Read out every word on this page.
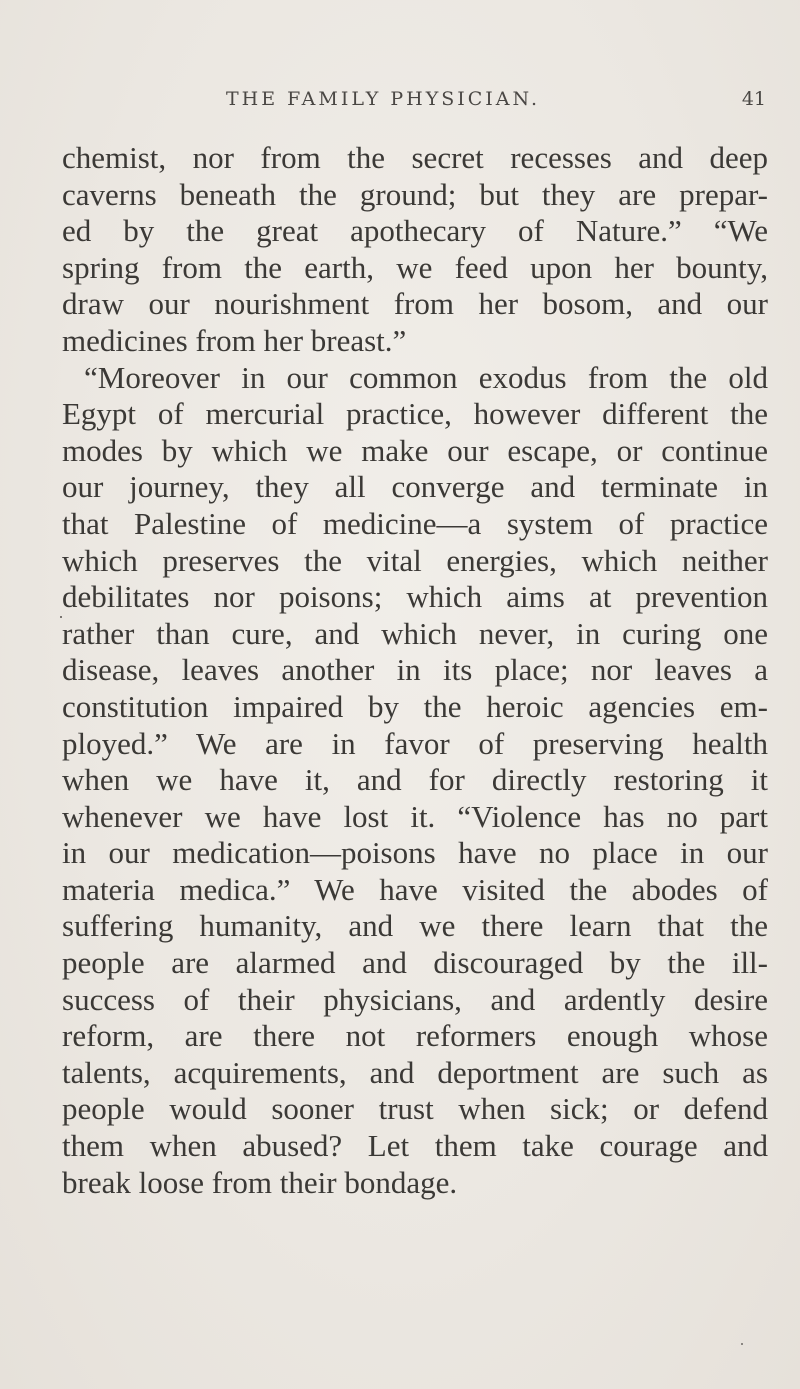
THE FAMILY PHYSICIAN.	41
chemist, nor from the secret recesses and deep
caverns beneath the ground; but they are prepar-
ed by the great apothecary of Nature.” “We
spring from the earth, we feed upon her bounty,
draw our nourishment from her bosom, and our
medicines from her breast.”
“Moreover in our common exodus from the old
Egypt of mercurial practice, however different the
modes by which we make our escape, or continue
our journey, they all converge and terminate in
that Palestine of medicine—a system of practice
which preserves the vital energies, which neither
debilitates nor poisons; which aims at prevention
rather than cure, and which never, in curing one
disease, leaves another in its place; nor leaves a
constitution impaired by the heroic agencies em-
ployed.” We are in favor of preserving health
when we have it, and for directly restoring it
whenever we have lost it. “Violence has no part
in our medication—poisons have no place in our
materia medica.” We have visited the abodes of
suffering humanity, and we there learn that the
people are alarmed and discouraged by the ill-
success of their physicians, and ardently desire
reform, are there not reformers enough whose
talents, acquirements, and deportment are such as
people would sooner trust when sick; or defend
them when abused? Let them take courage and
break loose from their bondage.
